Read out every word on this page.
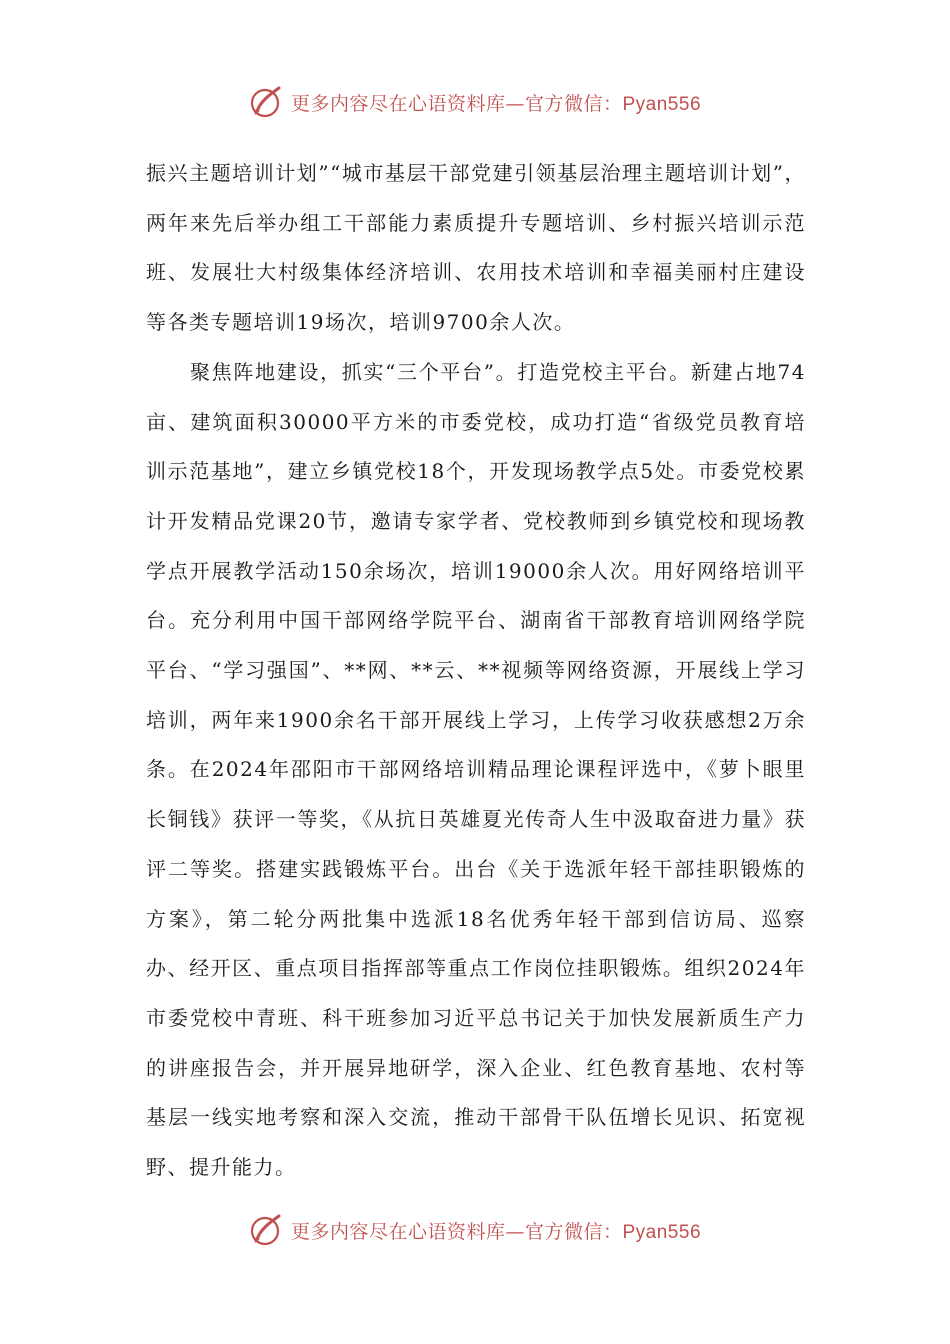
更多内容尽在心语资料库—官方微信：Pyan556

振兴主题培训计划”“城市基层干部党建引领基层治理主题培训计划”，两年来先后举办组工干部能力素质提升专题培训、乡村振兴培训示范班、发展壮大村级集体经济培训、农用技术培训和幸福美丽村庄建设等各类专题培训19场次，培训9700余人次。

聚焦阵地建设，抓实“三个平台”。打造党校主平台。新建占地74亩、建筑面积30000平方米的市委党校，成功打造“省级党员教育培训示范基地”，建立乡镇党校18个，开发现场教学点5处。市委党校累计开发精品党课20节，邀请专家学者、党校教师到乡镇党校和现场教学点开展教学活动150余场次，培训19000余人次。用好网络培训平台。充分利用中国干部网络学院平台、湖南省干部教育培训网络学院平台、“学习强国”、**网、**云、**视频等网络资源，开展线上学习培训，两年来1900余名干部开展线上学习，上传学习收获感想2万余条。在2024年邵阳市干部网络培训精品理论课程评选中，《萝卜眼里长铜钱》获评一等奖，《从抗日英雄夏光传奇人生中汲取奋进力量》获评二等奖。搭建实践锻炼平台。出台《关于选派年轻干部挂职锻炼的方案》，第二轮分两批集中选派18名优秀年轻干部到信访局、巡察办、经开区、重点项目指挥部等重点工作岗位挂职锻炼。组织2024年市委党校中青班、科干班参加习近平总书记关于加快发展新质生产力的讲座报告会，并开展异地研学，深入企业、红色教育基地、农村等基层一线实地考察和深入交流，推动干部骨干队伍增长见识、拓宽视野、提升能力。

更多内容尽在心语资料库—官方微信：Pyan556
